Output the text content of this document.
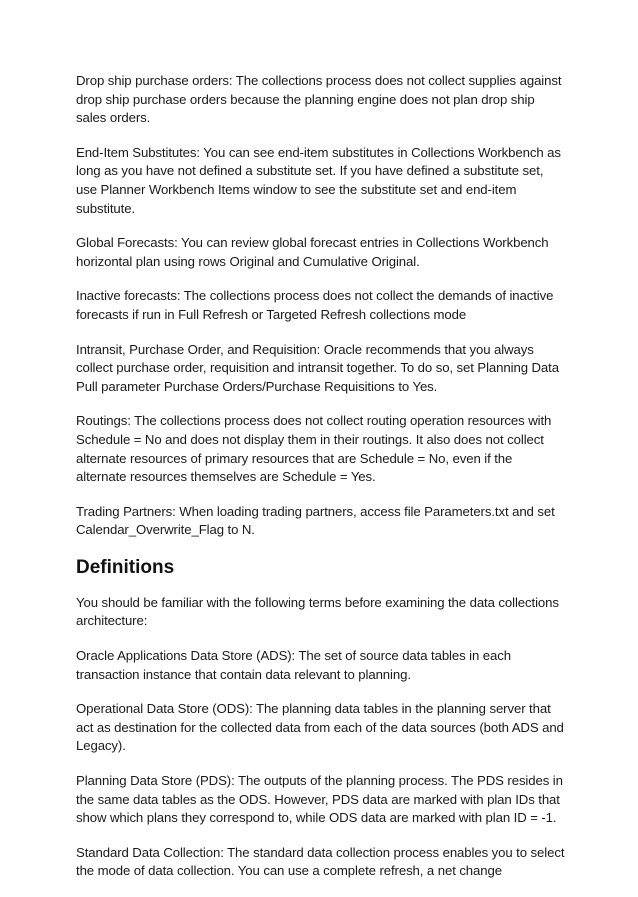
Drop ship purchase orders: The collections process does not collect supplies against drop ship purchase orders because the planning engine does not plan drop ship sales orders.

End-Item Substitutes: You can see end-item substitutes in Collections Workbench as long as you have not defined a substitute set. If you have defined a substitute set, use Planner Workbench Items window to see the substitute set and end-item substitute.

Global Forecasts: You can review global forecast entries in Collections Workbench horizontal plan using rows Original and Cumulative Original.

Inactive forecasts: The collections process does not collect the demands of inactive forecasts if run in Full Refresh or Targeted Refresh collections mode

Intransit, Purchase Order, and Requisition: Oracle recommends that you always collect purchase order, requisition and intransit together. To do so, set Planning Data Pull parameter Purchase Orders/Purchase Requisitions to Yes.

Routings: The collections process does not collect routing operation resources with Schedule = No and does not display them in their routings. It also does not collect alternate resources of primary resources that are Schedule = No, even if the alternate resources themselves are Schedule = Yes.

Trading Partners: When loading trading partners, access file Parameters.txt and set Calendar_Overwrite_Flag to N.

Definitions

You should be familiar with the following terms before examining the data collections architecture:

Oracle Applications Data Store (ADS): The set of source data tables in each transaction instance that contain data relevant to planning.

Operational Data Store (ODS): The planning data tables in the planning server that act as destination for the collected data from each of the data sources (both ADS and Legacy).

Planning Data Store (PDS): The outputs of the planning process. The PDS resides in the same data tables as the ODS. However, PDS data are marked with plan IDs that show which plans they correspond to, while ODS data are marked with plan ID = -1.

Standard Data Collection: The standard data collection process enables you to select the mode of data collection. You can use a complete refresh, a net change
